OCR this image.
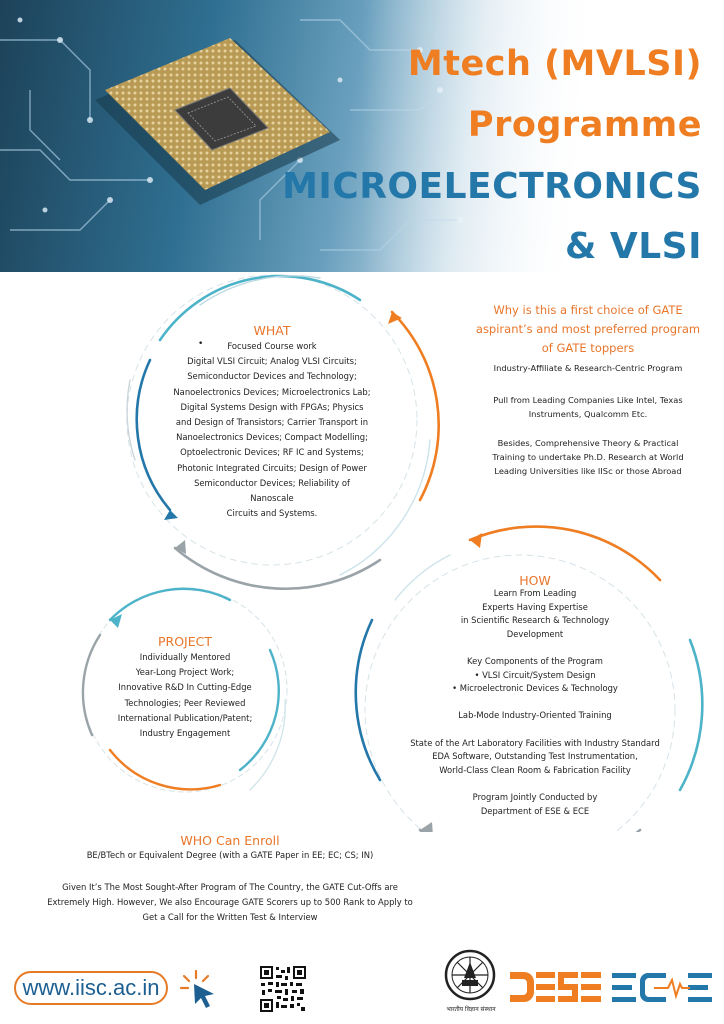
Mtech (MVLSI)
Programme
MICROELECTRONICS
& VLSI
WHAT
•	Focused Course work
Digital VLSI Circuit; Analog VLSI Circuits;
Semiconductor Devices and Technology;
Nanoelectronics Devices; Microelectronics Lab;
Digital Systems Design with FPGAs; Physics
and Design of Transistors; Carrier Transport in
Nanoelectronics Devices; Compact Modelling;
Optoelectronic Devices; RF IC and Systems;
Photonic Integrated Circuits; Design of Power
Semiconductor Devices; Reliability of Nanoscale
Circuits and Systems.
Why is this a first choice of GATE
aspirant’s and most preferred program
of GATE toppers
Industry-Affiliate & Research-Centric Program
Pull from Leading Companies Like Intel, Texas
Instruments, Qualcomm Etc.
Besides, Comprehensive Theory & Practical
Training to undertake Ph.D. Research at World
Leading Universities like IISc or those Abroad
PROJECT
Individually Mentored
Year-Long Project Work;
Innovative R&D In Cutting-Edge
Technologies; Peer Reviewed
International Publication/Patent;
Industry Engagement
HOW
Learn From Leading
Experts Having Expertise
in Scientific Research & Technology
Development
Key Components of the Program
• VLSI Circuit/System Design
• Microelectronic Devices & Technology
Lab-Mode Industry-Oriented Training
State of the Art Laboratory Facilities with Industry Standard
EDA Software, Outstanding Test Instrumentation,
World-Class Clean Room & Fabrication Facility
Program Jointly Conducted by
Department of ESE & ECE
WHO Can Enroll
BE/BTech or Equivalent Degree (with a GATE Paper in EE; EC; CS; IN)
Given It’s The Most Sought-After Program of The Country, the GATE Cut-Offs are
Extremely High. However, We also Encourage GATE Scorers up to 500 Rank to Apply to
Get a Call for the Written Test & Interview
www.iisc.ac.in
भारतीय विज्ञान संस्थान
